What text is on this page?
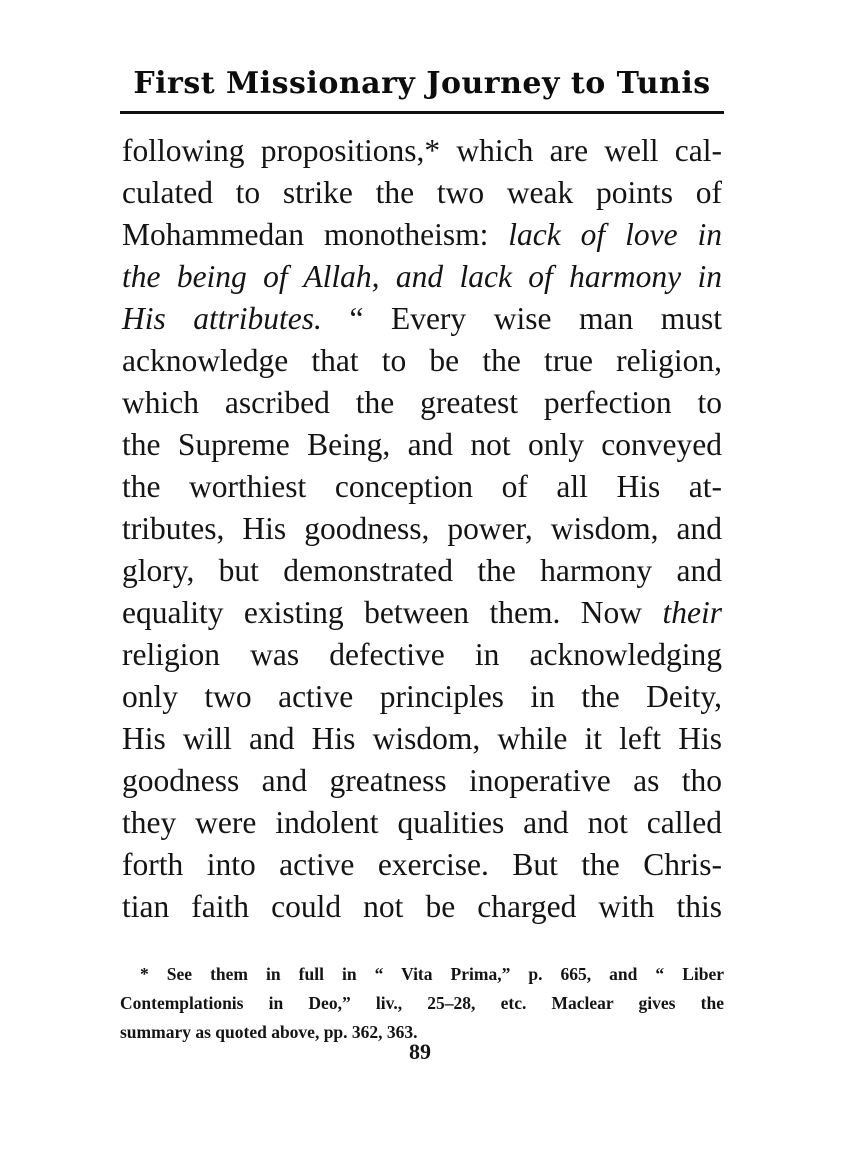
First Missionary Journey to Tunis
following propositions,* which are well cal-
culated to strike the two weak points of
Mohammedan monotheism: lack of love in
the being of Allah, and lack of harmony in
His attributes. “ Every wise man must
acknowledge that to be the true religion,
which ascribed the greatest perfection to
the Supreme Being, and not only conveyed
the worthiest conception of all His at-
tributes, His goodness, power, wisdom, and
glory, but demonstrated the harmony and
equality existing between them. Now their
religion was defective in acknowledging
only two active principles in the Deity,
His will and His wisdom, while it left His
goodness and greatness inoperative as tho
they were indolent qualities and not called
forth into active exercise. But the Chris-
tian faith could not be charged with this
* See them in full in “ Vita Prima,” p. 665, and “ Liber
Contemplationis in Deo,” liv., 25–28, etc. Maclear gives the
summary as quoted above, pp. 362, 363.
89
